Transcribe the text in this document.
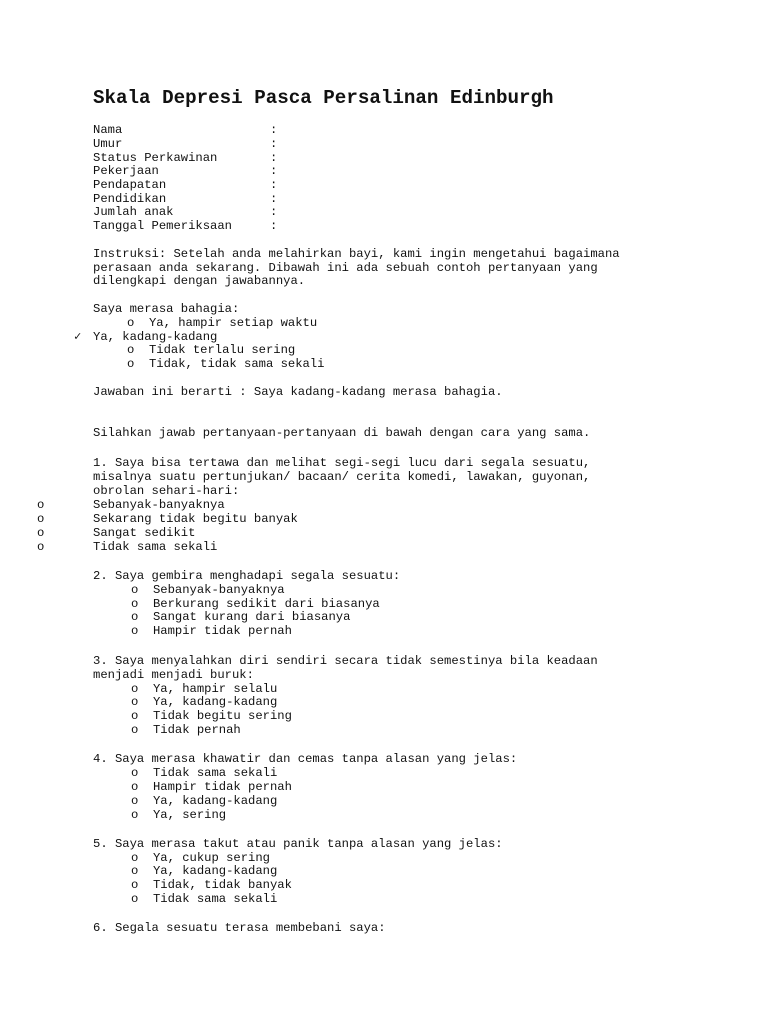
Skala Depresi Pasca Persalinan Edinburgh
Nama	:
Umur	:
Status Perkawinan	:
Pekerjaan	:
Pendapatan	:
Pendidikan	:
Jumlah anak	:
Tanggal Pemeriksaan	:
Instruksi: Setelah anda melahirkan bayi, kami ingin mengetahui bagaimana
perasaan anda sekarang. Dibawah ini ada sebuah contoh pertanyaan yang
dilengkapi dengan jawabannya.
Saya merasa bahagia:
o Ya, hampir setiap waktu
✓ Ya, kadang-kadang
o Tidak terlalu sering
o Tidak, tidak sama sekali
Jawaban ini berarti : Saya kadang-kadang merasa bahagia.
Silahkan jawab pertanyaan-pertanyaan di bawah dengan cara yang sama.
1. Saya bisa tertawa dan melihat segi-segi lucu dari segala sesuatu,
misalnya suatu pertunjukan/ bacaan/ cerita komedi, lawakan, guyonan,
obrolan sehari-hari:
o	Sebanyak-banyaknya
o	Sekarang tidak begitu banyak
o	Sangat sedikit
o	Tidak sama sekali
2. Saya gembira menghadapi segala sesuatu:
o Sebanyak-banyaknya
o Berkurang sedikit dari biasanya
o Sangat kurang dari biasanya
o Hampir tidak pernah
3. Saya menyalahkan diri sendiri secara tidak semestinya bila keadaan
menjadi menjadi buruk:
o Ya, hampir selalu
o Ya, kadang-kadang
o Tidak begitu sering
o Tidak pernah
4. Saya merasa khawatir dan cemas tanpa alasan yang jelas:
o Tidak sama sekali
o Hampir tidak pernah
o Ya, kadang-kadang
o Ya, sering
5. Saya merasa takut atau panik tanpa alasan yang jelas:
o Ya, cukup sering
o Ya, kadang-kadang
o Tidak, tidak banyak
o Tidak sama sekali
6. Segala sesuatu terasa membebani saya:
